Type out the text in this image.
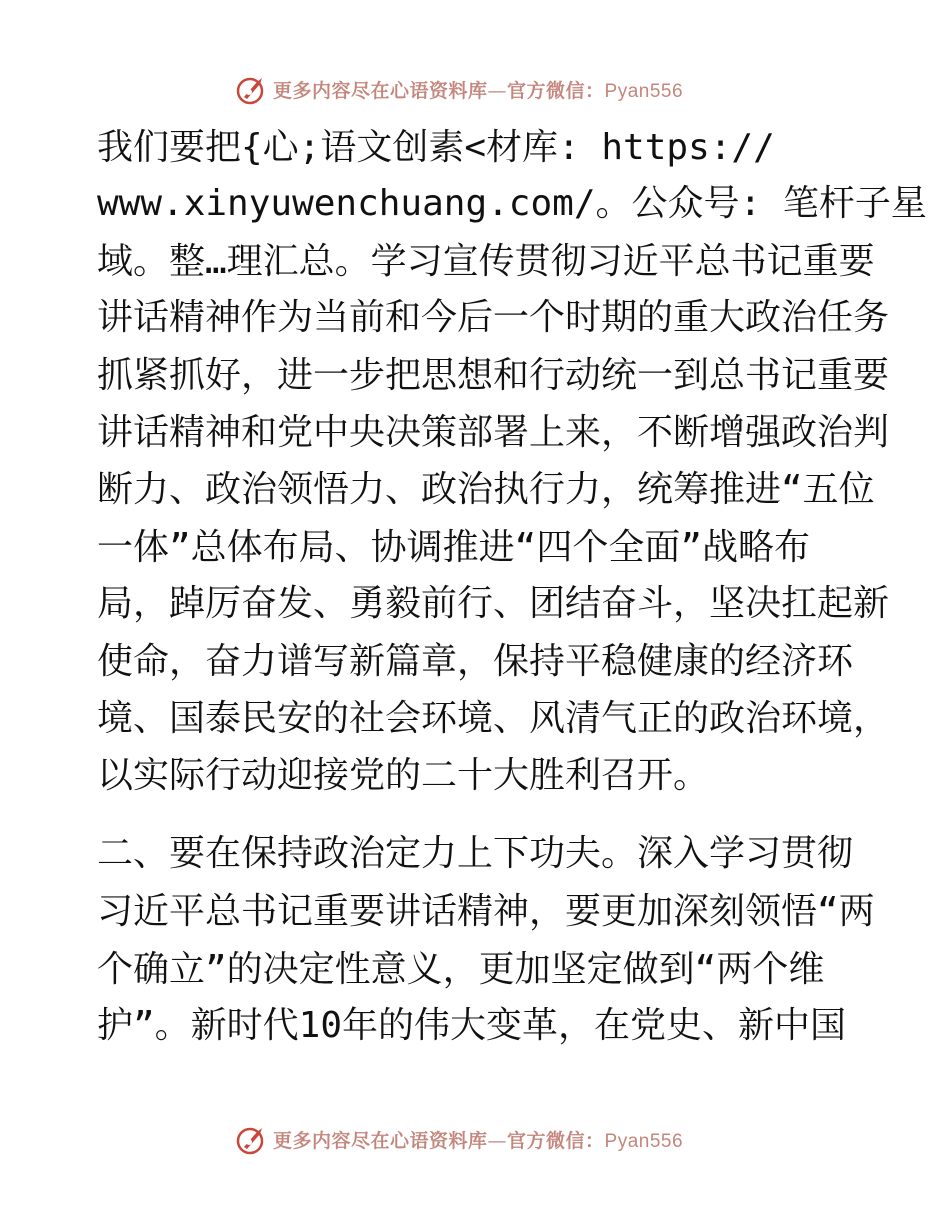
更多内容尽在心语资料库—官方微信：Pyan556
我们要把{心;语文创素<材库: https://
www.xinyuwenchuang.com/。公众号: 笔杆子星
域。整…理汇总。学习宣传贯彻习近平总书记重要
讲话精神作为当前和今后一个时期的重大政治任务
抓紧抓好，进一步把思想和行动统一到总书记重要
讲话精神和党中央决策部署上来，不断增强政治判
断力、政治领悟力、政治执行力，统筹推进“五位
一体”总体布局、协调推进“四个全面”战略布
局，踔厉奋发、勇毅前行、团结奋斗，坚决扛起新
使命，奋力谱写新篇章，保持平稳健康的经济环
境、国泰民安的社会环境、风清气正的政治环境，
以实际行动迎接党的二十大胜利召开。
二、要在保持政治定力上下功夫。深入学习贯彻
习近平总书记重要讲话精神，要更加深刻领悟“两
个确立”的决定性意义，更加坚定做到“两个维
护”。新时代10年的伟大变革，在党史、新中国
更多内容尽在心语资料库—官方微信：Pyan556
